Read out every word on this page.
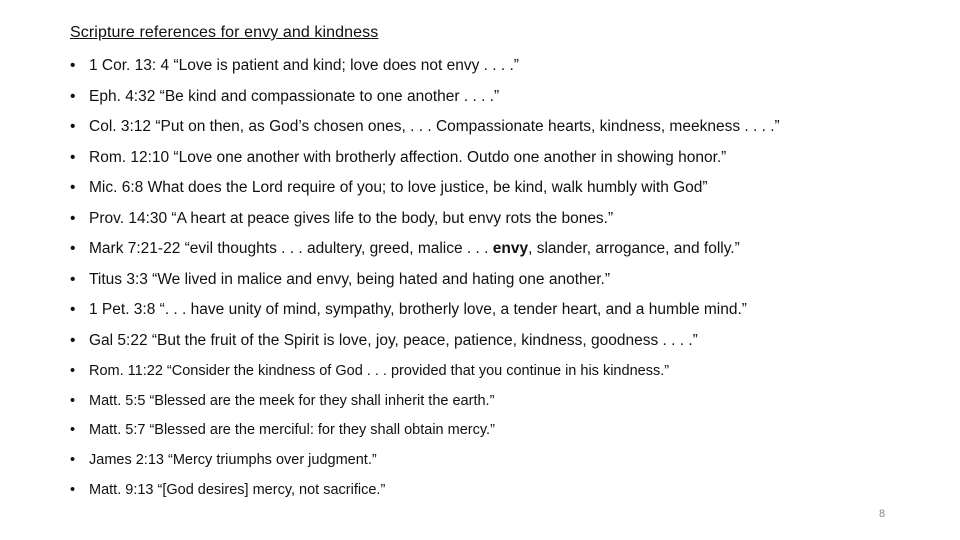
Scripture references for envy and kindness
• 1 Cor. 13: 4 “Love is patient and kind; love does not envy . . . .”
• Eph. 4:32 “Be kind and compassionate to one another . . . .”
• Col. 3:12 “Put on then, as God’s chosen ones, . . . Compassionate hearts, kindness, meekness . . . .”
• Rom. 12:10 “Love one another with brotherly affection. Outdo one another in showing honor.”
• Mic. 6:8 What does the Lord require of you; to love justice, be kind, walk humbly with God”
• Prov. 14:30 “A heart at peace gives life to the body, but envy rots the bones.”
• Mark 7:21-22 “evil thoughts . . . adultery, greed, malice . . . envy, slander, arrogance, and folly.”
• Titus 3:3 “We lived in malice and envy, being hated and hating one another.”
• 1 Pet. 3:8 “. . . have unity of mind, sympathy, brotherly love, a tender heart, and a humble mind.”
• Gal 5:22 “But the fruit of the Spirit is love, joy, peace, patience, kindness, goodness . . . .”
• Rom. 11:22 “Consider the kindness of God . . . provided that you continue in his kindness.”
• Matt. 5:5 “Blessed are the meek for they shall inherit the earth.”
• Matt. 5:7 “Blessed are the merciful: for they shall obtain mercy.”
• James 2:13 “Mercy triumphs over judgment.”
• Matt. 9:13 “[God desires] mercy, not sacrifice.”
8
